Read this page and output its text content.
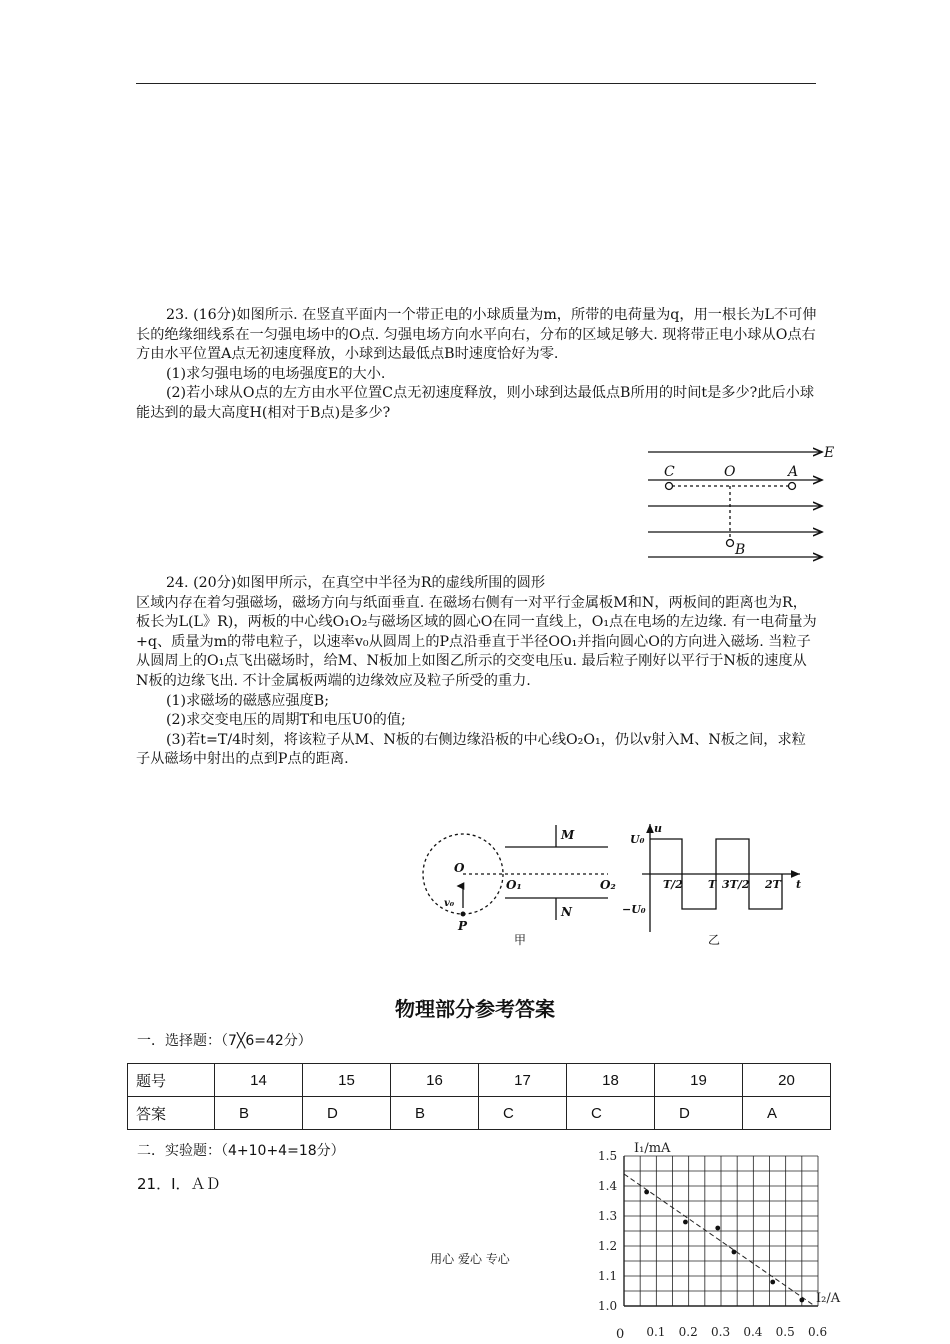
23. (16分)如图所示. 在竖直平面内一个带正电的小球质量为m，所带的电荷量为q，用一根长为L不可伸长的绝缘细线系在一匀强电场中的O点. 匀强电场方向水平向右，分布的区域足够大. 现将带正电小球从O点右方由水平位置A点无初速度释放，小球到达最低点B时速度恰好为零.

(1)求匀强电场的电场强度E的大小.

(2)若小球从O点的左方由水平位置C点无初速度释放，则小球到达最低点B所用的时间t是多少?此后小球能达到的最大高度H(相对于B点)是多少?

C	O	A
B
E

24. (20分)如图甲所示，在真空中半径为R的虚线所围的圆形

区域内存在着匀强磁场，磁场方向与纸面垂直. 在磁场右侧有一对平行金属板M和N，两板间的距离也为R，板长为L(L》R)，两板的中心线O₁O₂与磁场区域的圆心O在同一直线上，O₁点在电场的左边缘. 有一电荷量为+q、质量为m的带电粒子，以速率v₀从圆周上的P点沿垂直于半径OO₁并指向圆心O的方向进入磁场. 当粒子从圆周上的O₁点飞出磁场时，给M、N板加上如图乙所示的交变电压u. 最后粒子刚好以平行于N板的速度从N板的边缘飞出. 不计金属板两端的边缘效应及粒子所受的重力.

(1)求磁场的磁感应强度B;

(2)求交变电压的周期T和电压U0的值;

(3)若t=T/4时刻，将该粒子从M、N板的右侧边缘沿板的中心线O₂O₁，仍以v射入M、N板之间，求粒子从磁场中射出的点到P点的距离.

O
O₁	O₂
M
N
P
v₀
甲
u
U₀
−U₀
T/2 T 3T/2 2T t
乙
物理部分参考答案
一．选择题：（7╳6=42分）
题号	14	15	16	17	18	19	20
答案	B	D	B	C	C	D	A
二．实验题：（4+10+4=18分）
21．Ⅰ．ＡＤ
用心 爱心 专心
1.5
1.4
1.3
1.2
1.1
1.0
0.1 0.2 0.3 0.4 0.5 0.6
I₁/mA
I₂/A
0
